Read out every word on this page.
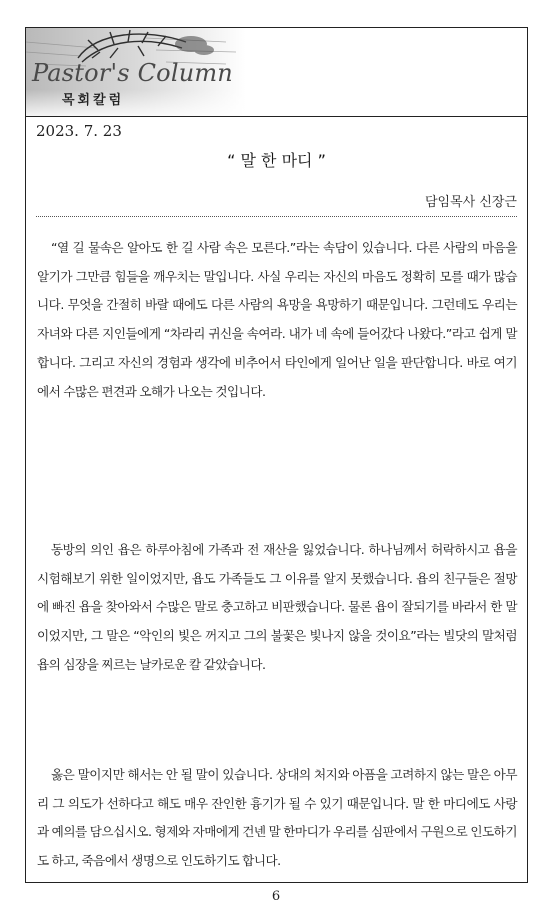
Pastor's Column
목회칼럼
2023. 7. 23
“ 말 한 마디 ”
담임목사 신장근

“열 길 물속은 알아도 한 길 사람 속은 모른다.”라는 속담이 있습니다. 다른 사람의 마음을 알기가 그만큼 힘들을 깨우치는 말입니다. 사실 우리는 자신의 마음도 정확히 모를 때가 많습니다. 무엇을 간절히 바랄 때에도 다른 사람의 욕망을 욕망하기 때문입니다. 그런데도 우리는 자녀와 다른 지인들에게 “차라리 귀신을 속여라. 내가 네 속에 들어갔다 나왔다.”라고 쉽게 말합니다. 그리고 자신의 경험과 생각에 비추어서 타인에게 일어난 일을 판단합니다. 바로 여기에서 수많은 편견과 오해가 나오는 것입니다.

동방의 의인 욥은 하루아침에 가족과 전 재산을 잃었습니다. 하나님께서 허락하시고 욥을 시험해보기 위한 일이었지만, 욥도 가족들도 그 이유를 알지 못했습니다. 욥의 친구들은 절망에 빠진 욥을 찾아와서 수많은 말로 충고하고 비판했습니다. 물론 욥이 잘되기를 바라서 한 말이었지만, 그 말은 “악인의 빛은 꺼지고 그의 불꽃은 빛나지 않을 것이요”라는 빌닷의 말처럼 욥의 심장을 찌르는 날카로운 칼 같았습니다.

옳은 말이지만 해서는 안 될 말이 있습니다. 상대의 처지와 아픔을 고려하지 않는 말은 아무리 그 의도가 선하다고 해도 매우 잔인한 흉기가 될 수 있기 때문입니다. 말 한 마디에도 사랑과 예의를 담으십시오. 형제와 자매에게 건넨 말 한마디가 우리를 심판에서 구원으로 인도하기도 하고, 죽음에서 생명으로 인도하기도 합니다.

6
